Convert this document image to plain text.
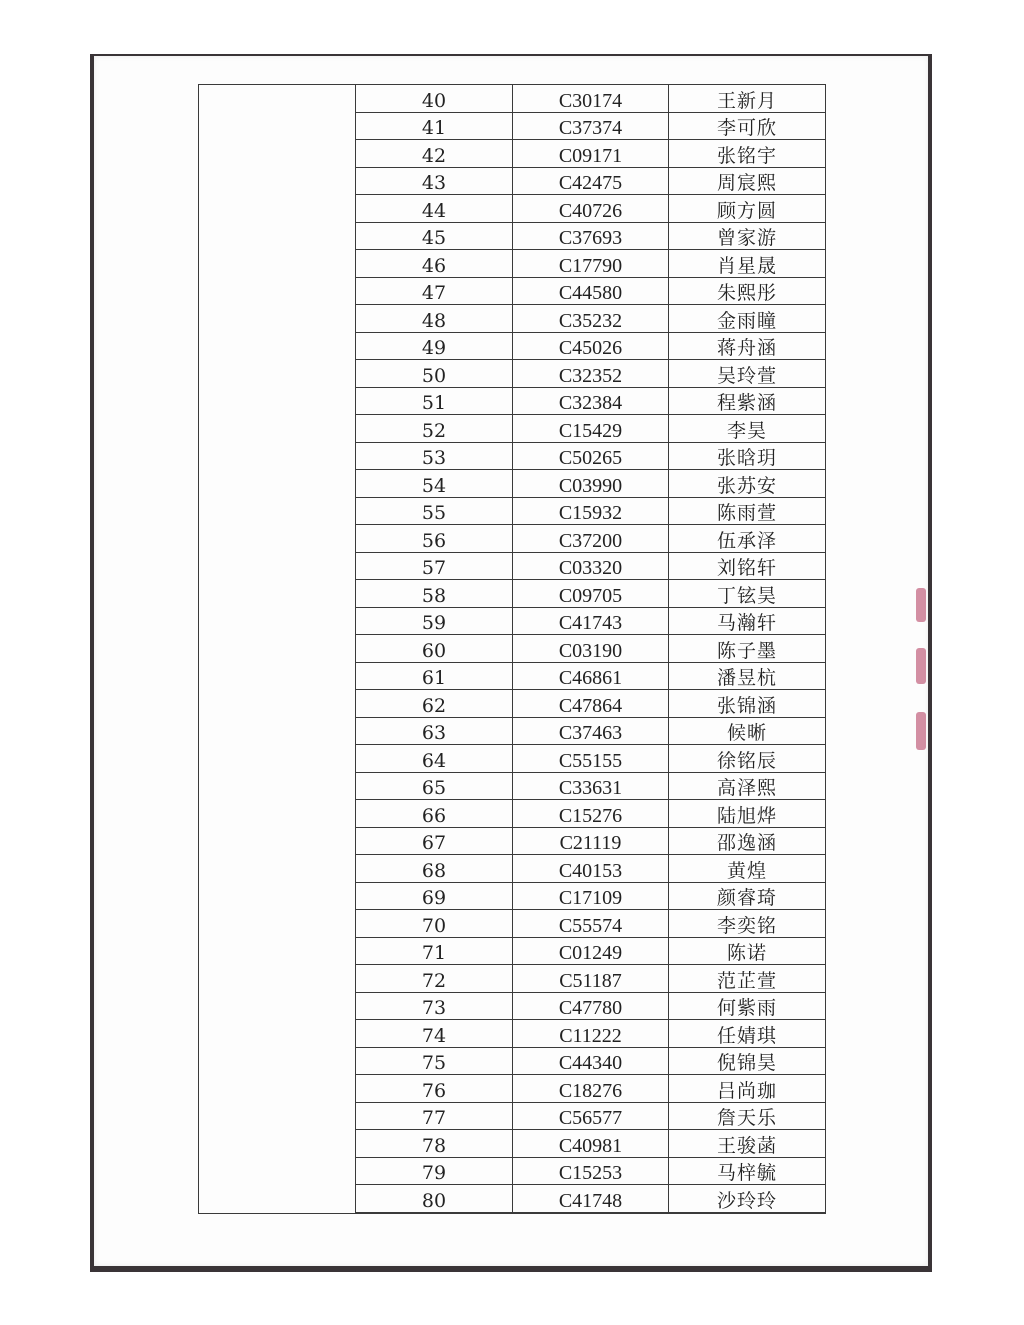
40	C30174	王新月
41	C37374	李可欣
42	C09171	张铭宇
43	C42475	周宸熙
44	C40726	顾方圆
45	C37693	曾家游
46	C17790	肖星晟
47	C44580	朱熙彤
48	C35232	金雨瞳
49	C45026	蒋舟涵
50	C32352	吴玲萱
51	C32384	程紫涵
52	C15429	李昊
53	C50265	张晗玥
54	C03990	张苏安
55	C15932	陈雨萱
56	C37200	伍承泽
57	C03320	刘铭轩
58	C09705	丁铉昊
59	C41743	马瀚轩
60	C03190	陈子墨
61	C46861	潘昱杭
62	C47864	张锦涵
63	C37463	候晰
64	C55155	徐铭辰
65	C33631	高泽熙
66	C15276	陆旭烨
67	C21119	邵逸涵
68	C40153	黄煌
69	C17109	颜睿琦
70	C55574	李奕铭
71	C01249	陈诺
72	C51187	范芷萱
73	C47780	何紫雨
74	C11222	任婧琪
75	C44340	倪锦昊
76	C18276	吕尚珈
77	C56577	詹天乐
78	C40981	王骏菡
79	C15253	马梓毓
80	C41748	沙玲玲
